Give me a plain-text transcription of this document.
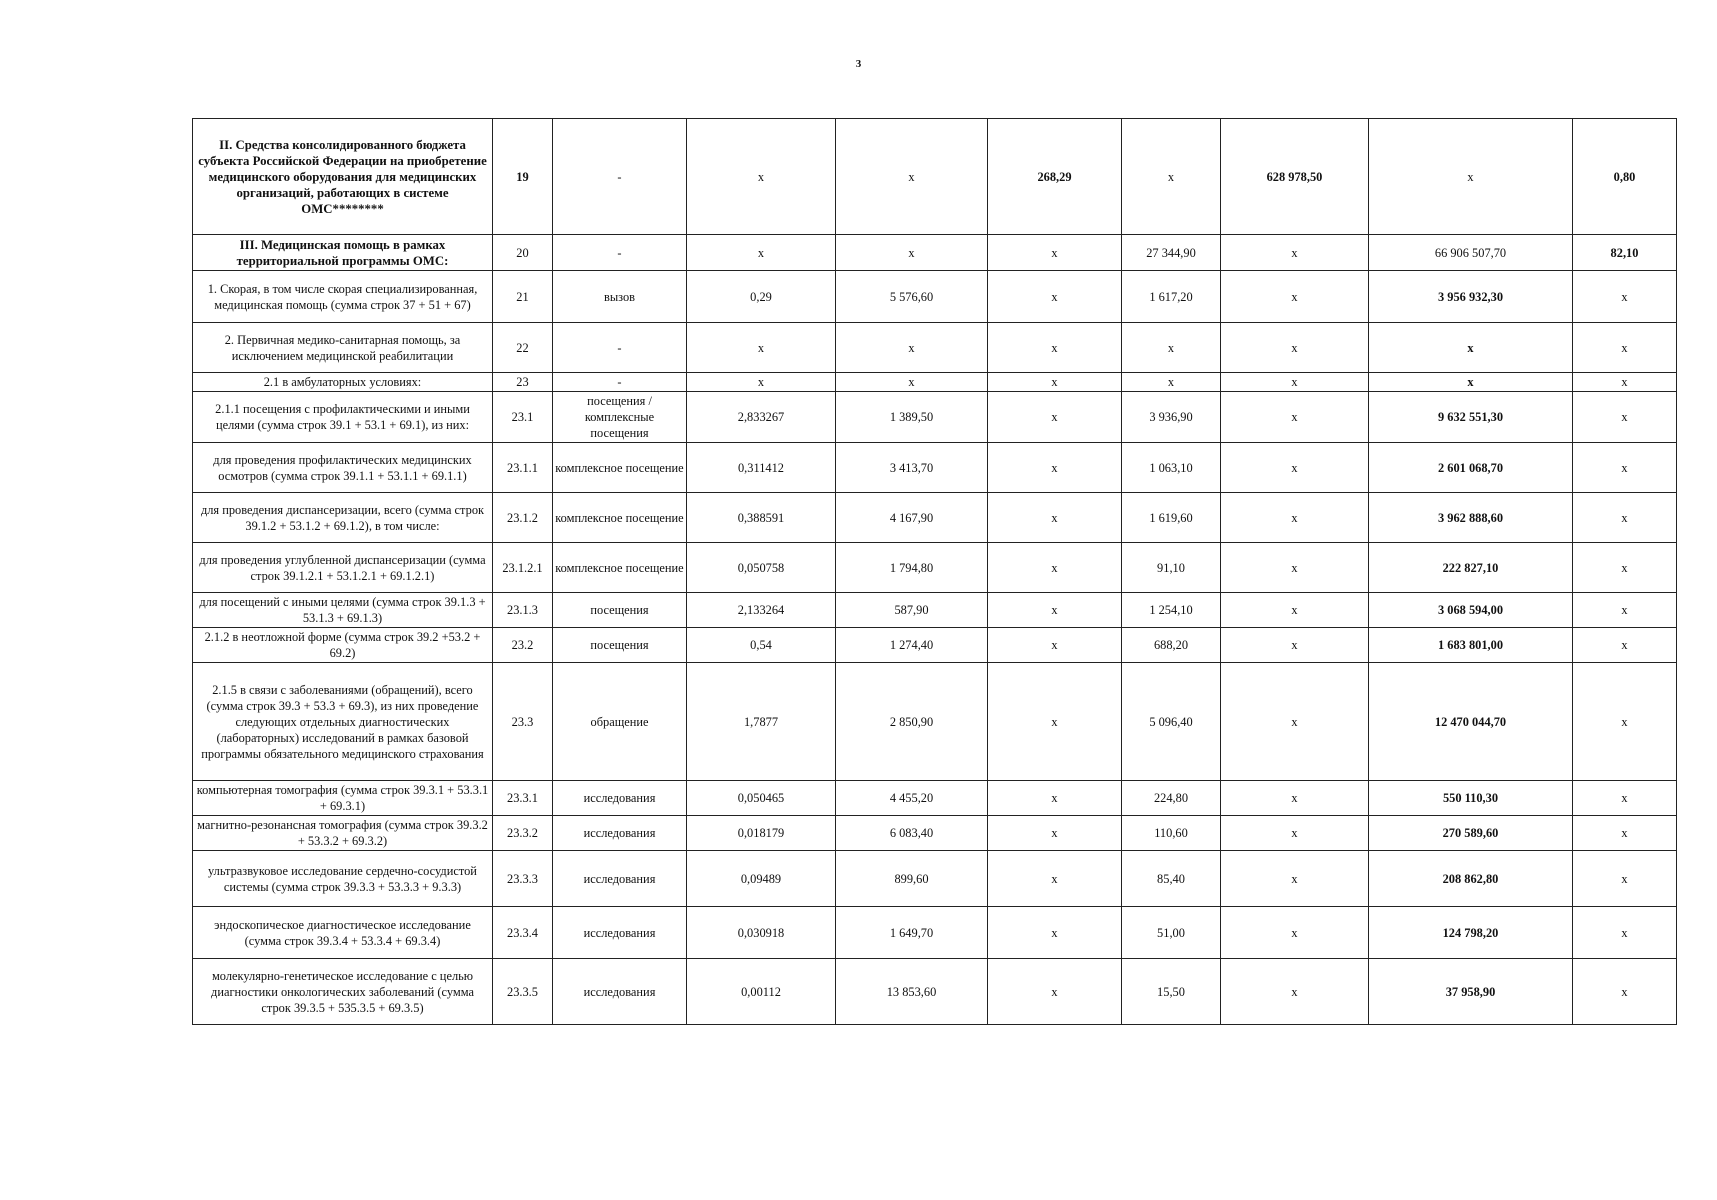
3
II. Средства консолидированного бюджета субъекта Российской Федерации на приобретение медицинского оборудования для медицинских организаций, работающих в системе ОМС********	19	-	x	x	268,29	x	628 978,50	x	0,80
III. Медицинская помощь в рамках территориальной программы ОМС:	20	-	x	x	x	27 344,90	x	66 906 507,70	82,10
1. Скорая, в том числе скорая специализированная, медицинская помощь (сумма строк 37 + 51 + 67)	21	вызов	0,29	5 576,60	x	1 617,20	x	3 956 932,30	x
2. Первичная медико-санитарная помощь, за исключением медицинской реабилитации	22	-	x	x	x	x	x	x	x
2.1 в амбулаторных условиях:	23	-	x	x	x	x	x	x	x
2.1.1 посещения с профилактическими и иными целями (сумма строк 39.1 + 53.1 + 69.1), из них:	23.1	посещения / комплексные посещения	2,833267	1 389,50	x	3 936,90	x	9 632 551,30	x
для проведения профилактических медицинских осмотров (сумма строк 39.1.1 + 53.1.1 + 69.1.1)	23.1.1	комплексное посещение	0,311412	3 413,70	x	1 063,10	x	2 601 068,70	x
для проведения диспансеризации, всего (сумма строк 39.1.2 + 53.1.2 + 69.1.2), в том числе:	23.1.2	комплексное посещение	0,388591	4 167,90	x	1 619,60	x	3 962 888,60	x
для проведения углубленной диспансеризации (сумма строк 39.1.2.1 + 53.1.2.1 + 69.1.2.1)	23.1.2.1	комплексное посещение	0,050758	1 794,80	x	91,10	x	222 827,10	x
для посещений с иными целями (сумма строк 39.1.3 + 53.1.3 + 69.1.3)	23.1.3	посещения	2,133264	587,90	x	1 254,10	x	3 068 594,00	x
2.1.2 в неотложной форме (сумма строк 39.2 +53.2 + 69.2)	23.2	посещения	0,54	1 274,40	x	688,20	x	1 683 801,00	x
2.1.5 в связи с заболеваниями (обращений), всего (сумма строк 39.3 + 53.3 + 69.3), из них проведение следующих отдельных диагностических (лабораторных) исследований в рамках базовой программы обязательного медицинского страхования	23.3	обращение	1,7877	2 850,90	x	5 096,40	x	12 470 044,70	x
компьютерная томография (сумма строк 39.3.1 + 53.3.1 + 69.3.1)	23.3.1	исследования	0,050465	4 455,20	x	224,80	x	550 110,30	x
магнитно-резонансная томография (сумма строк 39.3.2 + 53.3.2 + 69.3.2)	23.3.2	исследования	0,018179	6 083,40	x	110,60	x	270 589,60	x
ультразвуковое исследование сердечно-сосудистой системы (сумма строк 39.3.3 + 53.3.3 + 9.3.3)	23.3.3	исследования	0,09489	899,60	x	85,40	x	208 862,80	x
эндоскопическое диагностическое исследование (сумма строк 39.3.4 + 53.3.4 + 69.3.4)	23.3.4	исследования	0,030918	1 649,70	x	51,00	x	124 798,20	x
молекулярно-генетическое исследование с целью диагностики онкологических заболеваний (сумма строк 39.3.5 + 535.3.5 + 69.3.5)	23.3.5	исследования	0,00112	13 853,60	x	15,50	x	37 958,90	x
